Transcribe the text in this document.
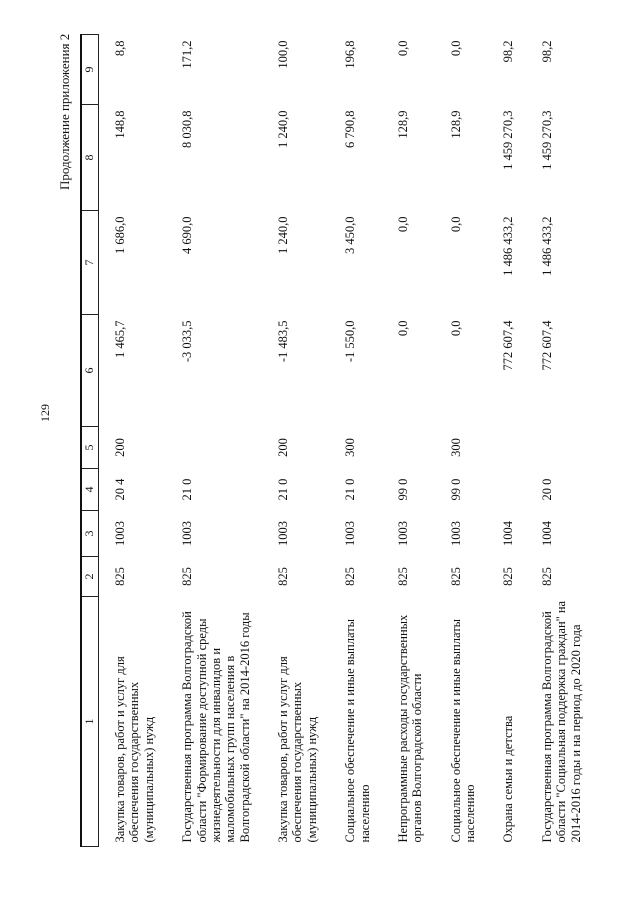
129
Продолжение приложения 2
1	2	3	4	5	6	7	8	9
Закупка товаров, работ и услуг для обеспечения государственных (муниципальных) нужд	825	1003	20 4	200	1 465,7	1 686,0	148,8	8,8
Государственная программа Волгоградской области "Формирование доступной среды жизнедеятельности для инвалидов и маломобильных групп населения в Волгоградской области" на 2014-2016 годы	825	1003	21 0		-3 033,5	4 690,0	8 030,8	171,2
Закупка товаров, работ и услуг для обеспечения государственных (муниципальных) нужд	825	1003	21 0	200	-1 483,5	1 240,0	1 240,0	100,0
Социальное обеспечение и иные выплаты населению	825	1003	21 0	300	-1 550,0	3 450,0	6 790,8	196,8
Непрограммные расходы государственных органов Волгоградской области	825	1003	99 0		0,0	0,0	128,9	0,0
Социальное обеспечение и иные выплаты населению	825	1003	99 0	300	0,0	0,0	128,9	0,0
Охрана семьи и детства	825	1004			772 607,4	1 486 433,2	1 459 270,3	98,2
Государственная программа Волгоградской области "Социальная поддержка граждан" на 2014-2016 годы и на период до 2020 года	825	1004	20 0		772 607,4	1 486 433,2	1 459 270,3	98,2
